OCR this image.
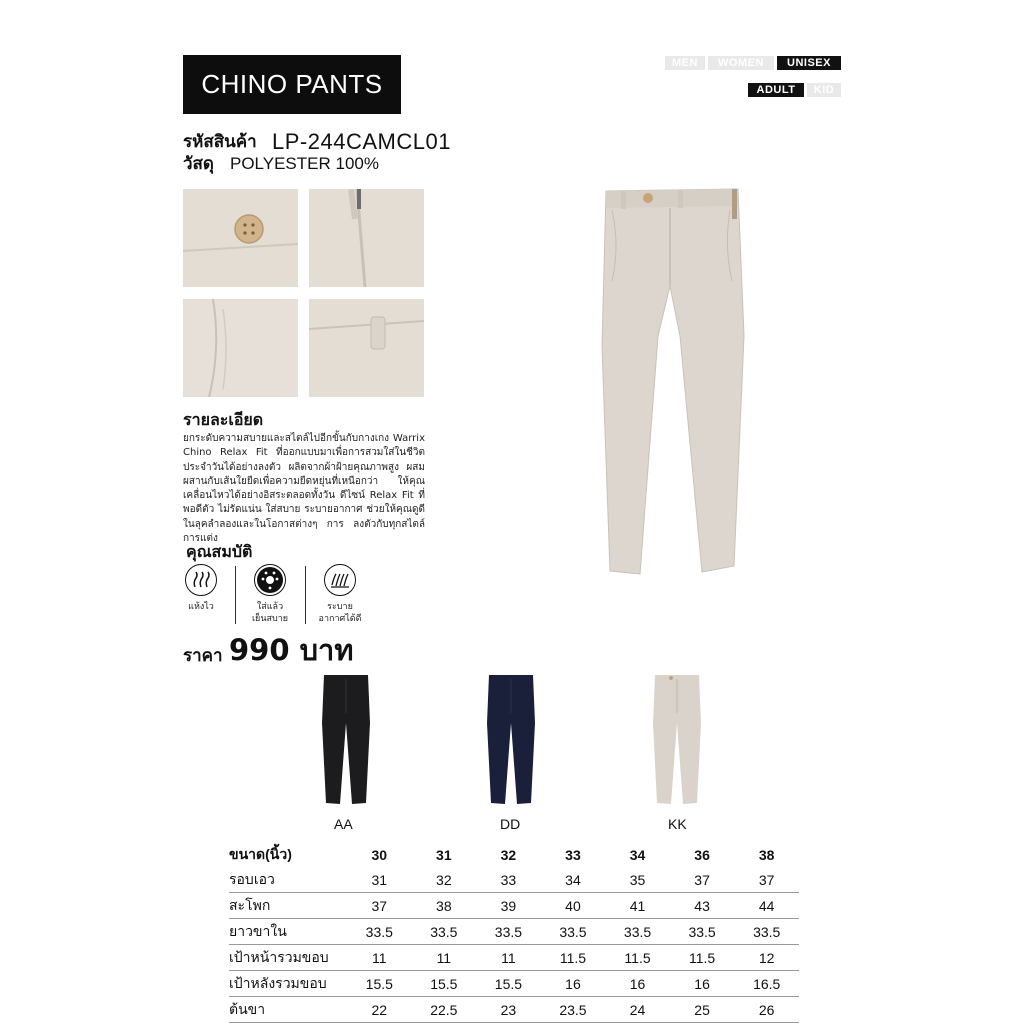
CHINO PANTS
MEN	WOMEN	UNISEX
ADULT	KID
รหัสสินค้า LP-244CAMCL01
วัสดุ POLYESTER 100%
รายละเอียด
ยกระดับความสบายและสไตล์ไปอีกขั้นกับกางเกง Warrix Chino Relax Fit ที่ออกแบบมาเพื่อการสวมใส่ในชีวิตประจำวันได้อย่างลงตัว ผลิตจากผ้าฝ้ายคุณภาพสูง ผสมผสานกับเส้นใยยืดเพื่อความยืดหยุ่นที่เหนือกว่า ให้คุณเคลื่อนไหวได้อย่างอิสระตลอดทั้งวัน ดีไซน์ Relax Fit ที่พอดีตัว ไม่รัดแน่น ใส่สบาย ระบายอากาศ ช่วยให้คุณดูดีในลุคลำลองและในโอกาสต่างๆ การ ลงตัวกับทุกสไตล์การแต่ง
คุณสมบัติ
แห้งไว	ใส่แล้ว
เย็นสบาย
ระบาย
อากาศได้ดี
ราคา 990 บาท
AA	DD	KK
ขนาด(นิ้ว)	30	31	32	33	34	36	38
รอบเอว	31	32	33	34	35	37	37
สะโพก	37	38	39	40	41	43	44
ยาวขาใน	33.5	33.5	33.5	33.5	33.5	33.5	33.5
เป้าหน้ารวมขอบ	11	11	11	11.5	11.5	11.5	12
เป้าหลังรวมขอบ	15.5	15.5	15.5	16	16	16	16.5
ต้นขา	22	22.5	23	23.5	24	25	26
